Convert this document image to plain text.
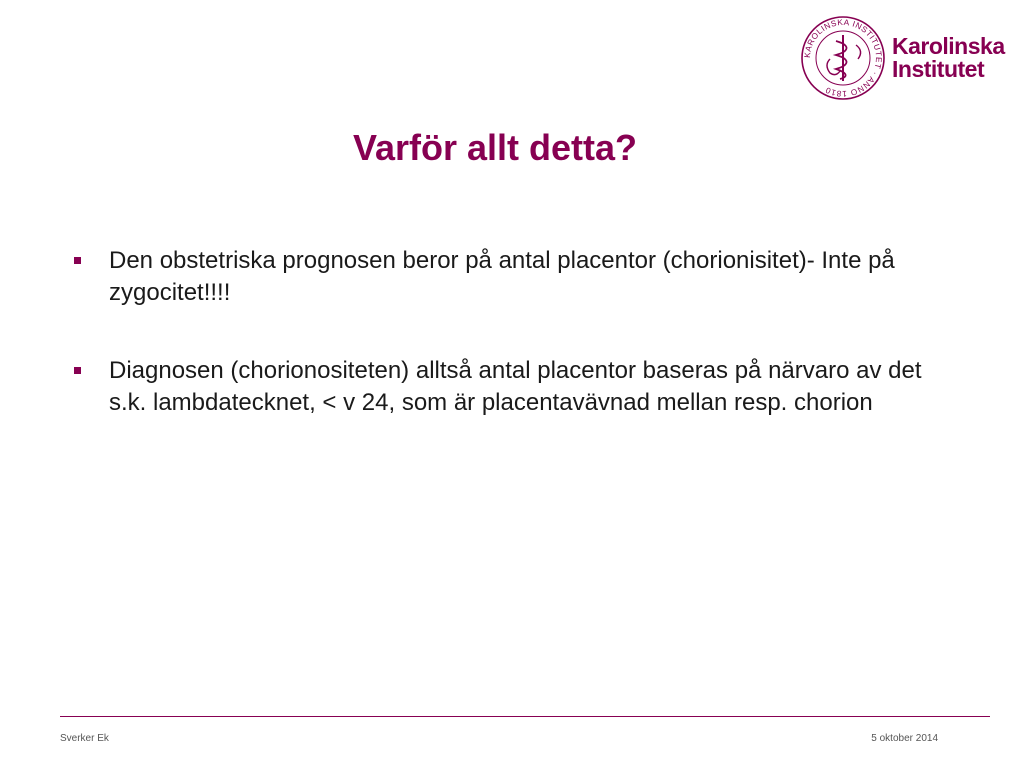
KAROLINSKA INSTITUTET · ANNO 1810
Karolinska
Institutet
Varför allt detta?
Den obstetriska prognosen beror på antal placentor (chorionisitet)- Inte på zygocitet!!!!
Diagnosen (chorionositeten) alltså antal placentor baseras på närvaro av det s.k. lambdatecknet, < v 24, som är placentavävnad mellan resp. chorion
Sverker Ek	5 oktober 2014
